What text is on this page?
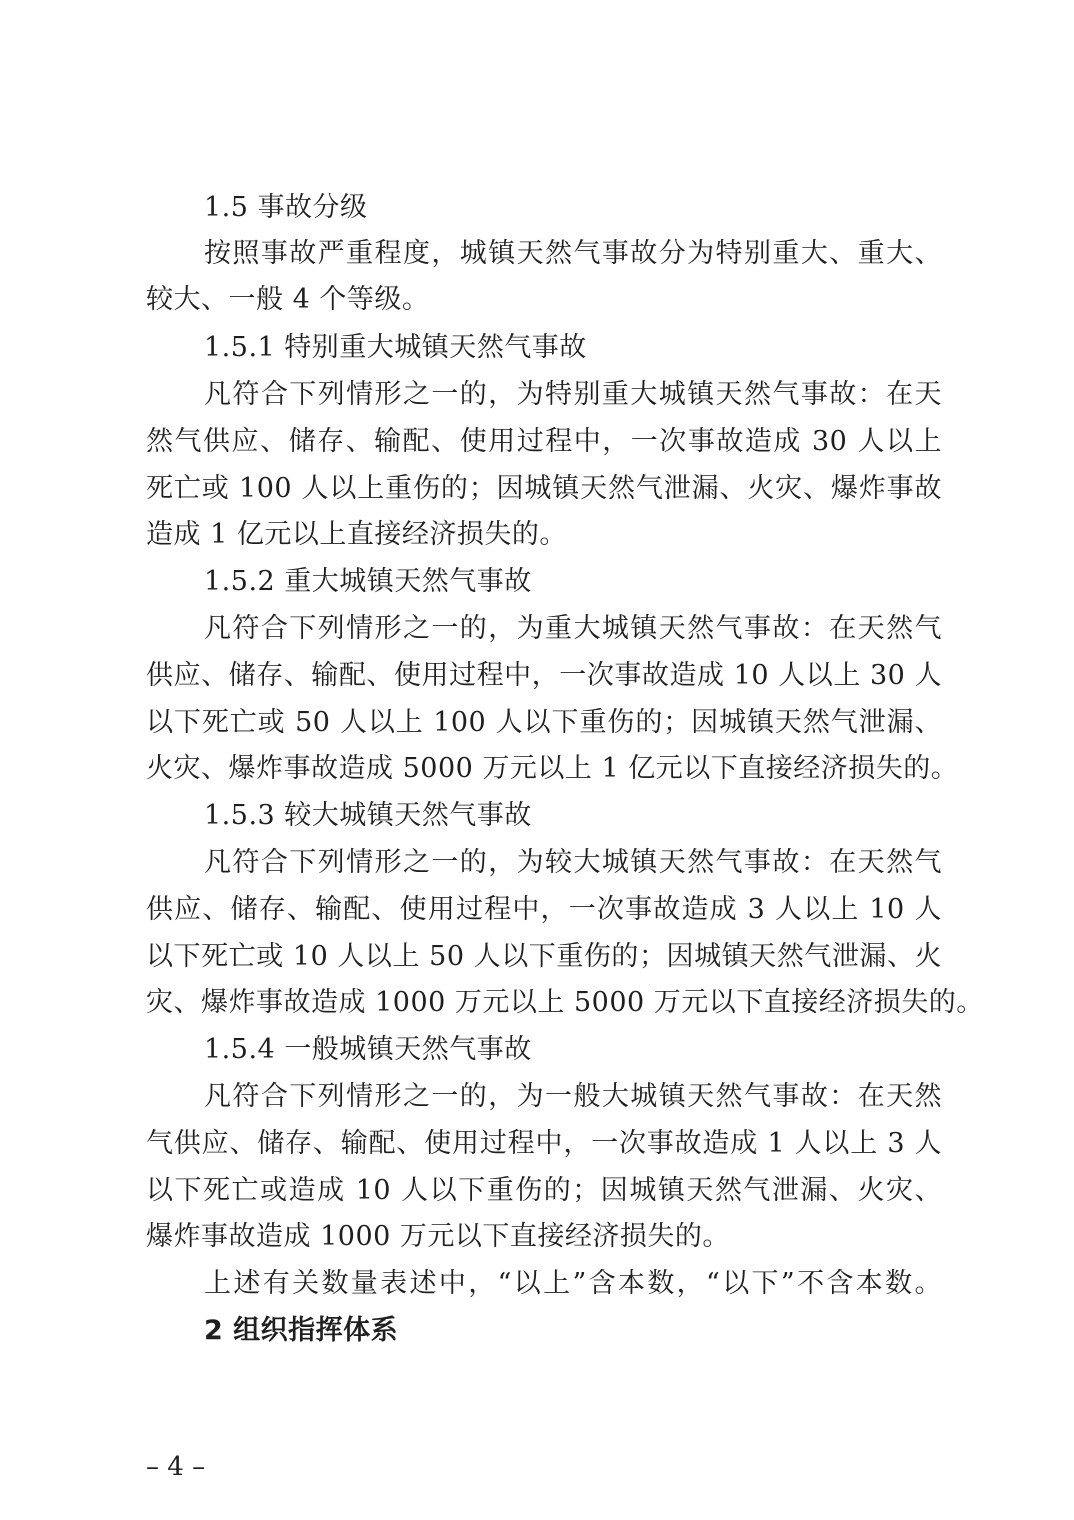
1.5 事故分级
按照事故严重程度，城镇天然气事故分为特别重大、重大、
较大、一般 4 个等级。
1.5.1 特别重大城镇天然气事故
凡符合下列情形之一的，为特别重大城镇天然气事故：在天
然气供应、储存、输配、使用过程中，一次事故造成 30 人以上
死亡或 100 人以上重伤的；因城镇天然气泄漏、火灾、爆炸事故
造成 1 亿元以上直接经济损失的。
1.5.2 重大城镇天然气事故
凡符合下列情形之一的，为重大城镇天然气事故：在天然气
供应、储存、输配、使用过程中，一次事故造成 10 人以上 30 人
以下死亡或 50 人以上 100 人以下重伤的；因城镇天然气泄漏、
火灾、爆炸事故造成 5000 万元以上 1 亿元以下直接经济损失的。
1.5.3 较大城镇天然气事故
凡符合下列情形之一的，为较大城镇天然气事故：在天然气
供应、储存、输配、使用过程中，一次事故造成 3 人以上 10 人
以下死亡或 10 人以上 50 人以下重伤的；因城镇天然气泄漏、火
灾、爆炸事故造成 1000 万元以上 5000 万元以下直接经济损失的。
1.5.4 一般城镇天然气事故
凡符合下列情形之一的，为一般大城镇天然气事故：在天然
气供应、储存、输配、使用过程中，一次事故造成 1 人以上 3 人
以下死亡或造成 10 人以下重伤的；因城镇天然气泄漏、火灾、
爆炸事故造成 1000 万元以下直接经济损失的。
上述有关数量表述中，“以上”含本数，“以下”不含本数。
2 组织指挥体系
– 4 –
